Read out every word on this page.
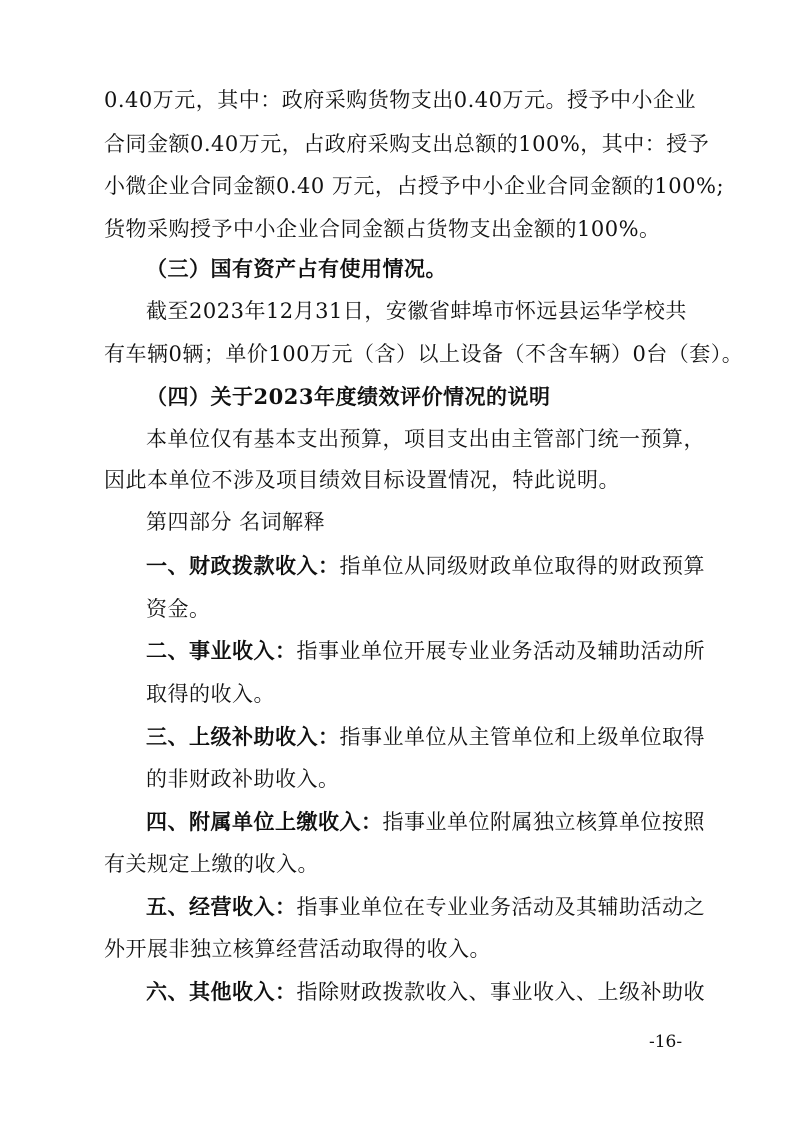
0.40万元，其中：政府采购货物支出0.40万元。授予中小企业
合同金额0.40万元，占政府采购支出总额的100%，其中：授予
小微企业合同金额0.40 万元，占授予中小企业合同金额的100%;
货物采购授予中小企业合同金额占货物支出金额的100%。
（三）国有资产占有使用情况。
截至2023年12月31日，安徽省蚌埠市怀远县运华学校共
有车辆0辆；单价100万元（含）以上设备（不含车辆）0台（套）。
（四）关于2023年度绩效评价情况的说明
本单位仅有基本支出预算，项目支出由主管部门统一预算，
因此本单位不涉及项目绩效目标设置情况，特此说明。
第四部分 名词解释
一、财政拨款收入：指单位从同级财政单位取得的财政预算
资金。
二、事业收入：指事业单位开展专业业务活动及辅助活动所
取得的收入。
三、上级补助收入：指事业单位从主管单位和上级单位取得
的非财政补助收入。
四、附属单位上缴收入：指事业单位附属独立核算单位按照
有关规定上缴的收入。
五、经营收入：指事业单位在专业业务活动及其辅助活动之
外开展非独立核算经营活动取得的收入。
六、其他收入：指除财政拨款收入、事业收入、上级补助收
-16-
